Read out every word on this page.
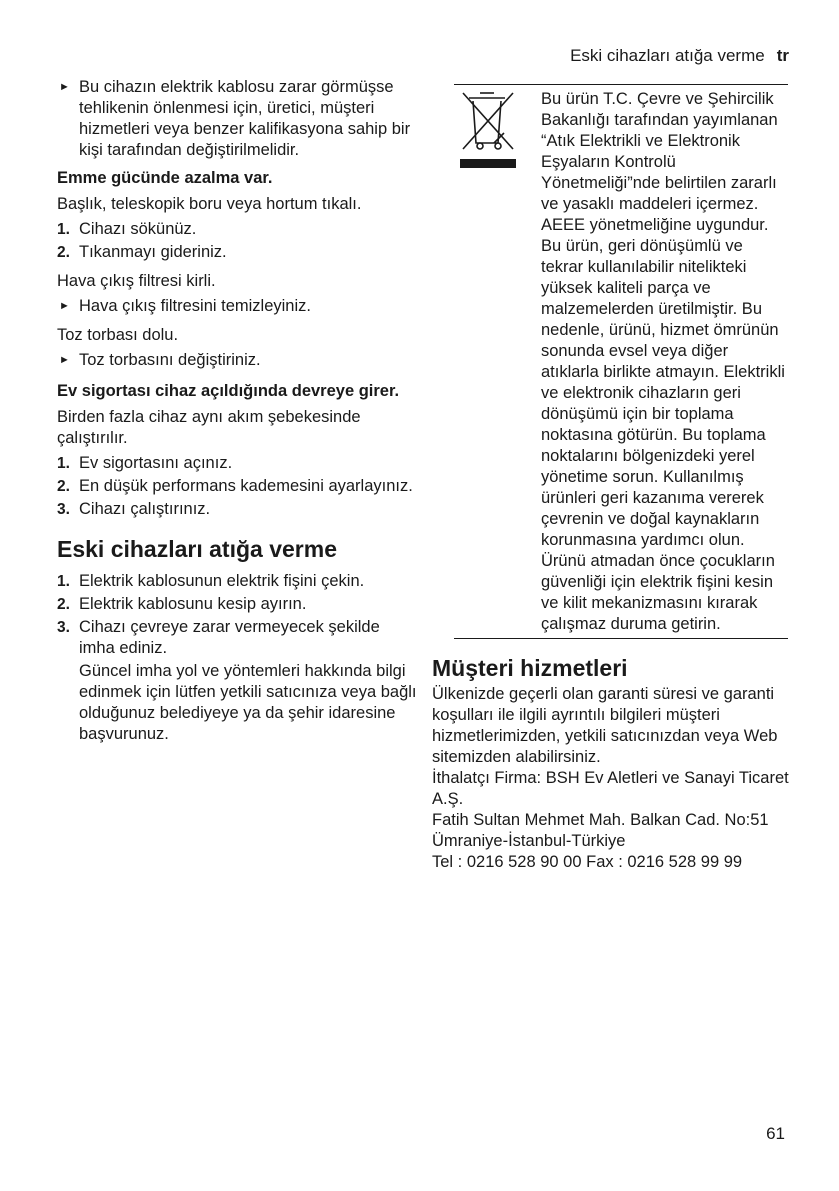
Eski cihazları atığa verme tr
► Bu cihazın elektrik kablosu zarar görmüşse tehlikenin önlenmesi için, üretici, müşteri hizmetleri veya benzer kalifikasyona sahip bir kişi tarafından değiştirilmelidir.

Emme gücünde azalma var.

Başlık, teleskopik boru veya hortum tıkalı.

1. Cihazı sökünüz.

2. Tıkanmayı gideriniz.

Hava çıkış filtresi kirli.

► Hava çıkış filtresini temizleyiniz.

Toz torbası dolu.

► Toz torbasını değiştiriniz.

Ev sigortası cihaz açıldığında devreye girer.

Birden fazla cihaz aynı akım şebekesinde çalıştırılır.

1. Ev sigortasını açınız.

2. En düşük performans kademesini ayarlayınız.

3. Cihazı çalıştırınız.

Eski cihazları atığa verme
1. Elektrik kablosunun elektrik fişini çekin.

2. Elektrik kablosunu kesip ayırın.

3. Cihazı çevreye zarar vermeyecek şekilde imha ediniz.

Güncel imha yol ve yöntemleri hakkında bilgi edinmek için lütfen yetkili satıcınıza veya bağlı olduğunuz belediyeye ya da şehir idaresine başvurunuz.

Bu ürün T.C. Çevre ve Şehircilik Bakanlığı tarafından yayımlanan “Atık Elektrikli ve Elektronik Eşyaların Kontrolü Yönetmeliği”nde belirtilen zararlı ve yasaklı maddeleri içermez.

AEEE yönetmeliğine uygundur.

Bu ürün, geri dönüşümlü ve tekrar kullanılabilir nitelikteki yüksek kaliteli parça ve malzemelerden üretilmiştir. Bu nedenle, ürünü, hizmet ömrünün sonunda evsel veya diğer atıklarla birlikte atmayın. Elektrikli ve elektronik cihazların geri dönüşümü için bir toplama noktasına götürün. Bu toplama noktalarını bölgenizdeki yerel yönetime sorun. Kullanılmış ürünleri geri kazanıma vererek çevrenin ve doğal kaynakların korunmasına yardımcı olun. Ürünü atmadan önce çocukların güvenliği için elektrik fişini kesin ve kilit mekanizmasını kırarak çalışmaz duruma getirin.

Müşteri hizmetleri

Ülkenizde geçerli olan garanti süresi ve garanti koşulları ile ilgili ayrıntılı bilgileri müşteri hizmetlerimizden, yetkili satıcınızdan veya Web sitemizden alabilirsiniz.

İthalatçı Firma: BSH Ev Aletleri ve Sanayi Ticaret A.Ş.

Fatih Sultan Mehmet Mah. Balkan Cad. No:51

Ümraniye-İstanbul-Türkiye

Tel : 0216 528 90 00 Fax : 0216 528 99 99

61
